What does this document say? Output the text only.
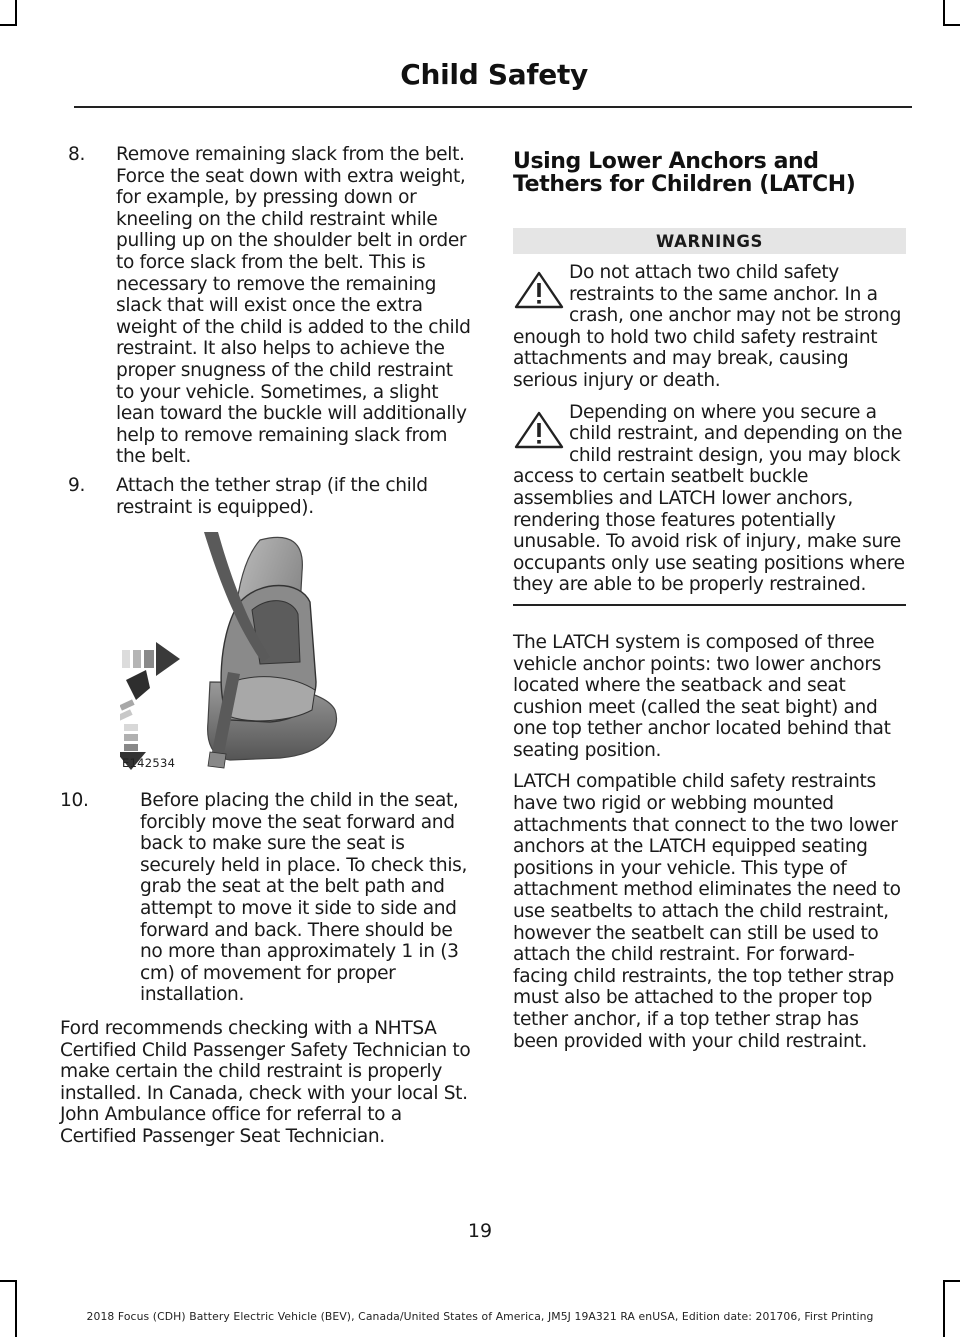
Child Safety
8. Remove remaining slack from the belt. Force the seat down with extra weight, for example, by pressing down or kneeling on the child restraint while pulling up on the shoulder belt in order to force slack from the belt. This is necessary to remove the remaining slack that will exist once the extra weight of the child is added to the child restraint. It also helps to achieve the proper snugness of the child restraint to your vehicle. Sometimes, a slight lean toward the buckle will additionally help to remove remaining slack from the belt.
9. Attach the tether strap (if the child restraint is equipped).
E142534
10.	Before placing the child in the seat, forcibly move the seat forward and back to make sure the seat is securely held in place. To check this, grab the seat at the belt path and attempt to move it side to side and forward and back. There should be no more than approximately 1 in (3 cm) of movement for proper installation.

Ford recommends checking with a NHTSA Certified Child Passenger Safety Technician to make certain the child restraint is properly installed. In Canada, check with your local St. John Ambulance office for referral to a Certified Passenger Seat Technician.

Using Lower Anchors and Tethers for Children (LATCH)
WARNINGS
Do not attach two child safety restraints to the same anchor. In a crash, one anchor may not be strong enough to hold two child safety restraint attachments and may break, causing serious injury or death.
Depending on where you secure a child restraint, and depending on the child restraint design, you may block access to certain seatbelt buckle assemblies and LATCH lower anchors, rendering those features potentially unusable. To avoid risk of injury, make sure occupants only use seating positions where they are able to be properly restrained.

The LATCH system is composed of three vehicle anchor points: two lower anchors located where the seatback and seat cushion meet (called the seat bight) and one top tether anchor located behind that seating position.

LATCH compatible child safety restraints have two rigid or webbing mounted attachments that connect to the two lower anchors at the LATCH equipped seating positions in your vehicle. This type of attachment method eliminates the need to use seatbelts to attach the child restraint, however the seatbelt can still be used to attach the child restraint. For forward-facing child restraints, the top tether strap must also be attached to the proper top tether anchor, if a top tether strap has been provided with your child restraint.

19
2018 Focus (CDH) Battery Electric Vehicle (BEV), Canada/United States of America, JM5J 19A321 RA enUSA, Edition date: 201706, First Printing
